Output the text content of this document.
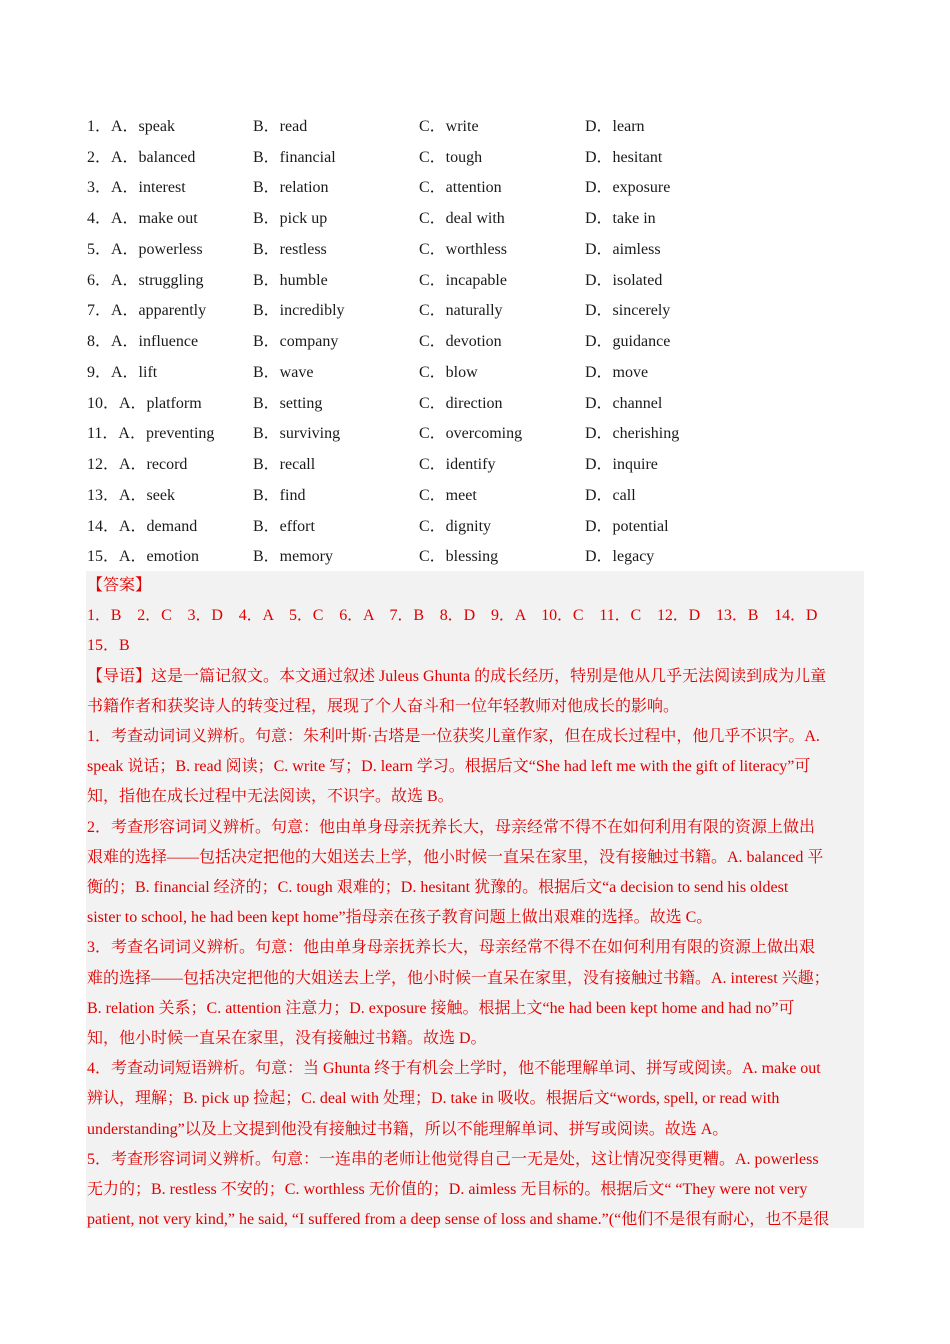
1．A．speak	B．read	C．write	D．learn
2．A．balanced	B．financial	C．tough	D．hesitant
3．A．interest	B．relation	C．attention	D．exposure
4．A．make out	B．pick up	C．deal with	D．take in
5．A．powerless	B．restless	C．worthless	D．aimless
6．A．struggling	B．humble	C．incapable	D．isolated
7．A．apparently	B．incredibly	C．naturally	D．sincerely
8．A．influence	B．company	C．devotion	D．guidance
9．A．lift	B．wave	C．blow	D．move
10．A．platform	B．setting	C．direction	D．channel
11．A．preventing	B．surviving	C．overcoming	D．cherishing
12．A．record	B．recall	C．identify	D．inquire
13．A．seek	B．find	C．meet	D．call
14．A．demand	B．effort	C．dignity	D．potential
15．A．emotion	B．memory	C．blessing	D．legacy

【答案】

1．B　2．C　3．D　4．A　5．C　6．A　7．B　8．D　9．A　10．C　11．C　12．D　13．B　14．D

15．B

【导语】这是一篇记叙文。本文通过叙述 Juleus Ghunta 的成长经历，特别是他从几乎无法阅读到成为儿童

书籍作者和获奖诗人的转变过程，展现了个人奋斗和一位年轻教师对他成长的影响。

1．考查动词词义辨析。句意：朱利叶斯·古塔是一位获奖儿童作家，但在成长过程中，他几乎不识字。A.

speak 说话；B. read 阅读；C. write 写；D. learn 学习。根据后文“She had left me with the gift of literacy”可

知，指他在成长过程中无法阅读，不识字。故选 B。

2．考查形容词词义辨析。句意：他由单身母亲抚养长大，母亲经常不得不在如何利用有限的资源上做出

艰难的选择——包括决定把他的大姐送去上学，他小时候一直呆在家里，没有接触过书籍。A. balanced 平

衡的；B. financial 经济的；C. tough 艰难的；D. hesitant 犹豫的。根据后文“a decision to send his oldest

sister to school, he had been kept home”指母亲在孩子教育问题上做出艰难的选择。故选 C。

3．考查名词词义辨析。句意：他由单身母亲抚养长大，母亲经常不得不在如何利用有限的资源上做出艰

难的选择——包括决定把他的大姐送去上学，他小时候一直呆在家里，没有接触过书籍。A. interest 兴趣；

B. relation 关系；C. attention 注意力；D. exposure 接触。根据上文“he had been kept home and had no”可

知，他小时候一直呆在家里，没有接触过书籍。故选 D。

4．考查动词短语辨析。句意：当 Ghunta 终于有机会上学时，他不能理解单词、拼写或阅读。A. make out

辨认，理解；B. pick up 捡起；C. deal with 处理；D. take in 吸收。根据后文“words, spell, or read with

understanding”以及上文提到他没有接触过书籍，所以不能理解单词、拼写或阅读。故选 A。

5．考查形容词词义辨析。句意：一连串的老师让他觉得自己一无是处，这让情况变得更糟。A. powerless

无力的；B. restless 不安的；C. worthless 无价值的；D. aimless 无目标的。根据后文“ “They were not very

patient, not very kind,” he said, “I suffered from a deep sense of loss and shame.”(“他们不是很有耐心，也不是很
